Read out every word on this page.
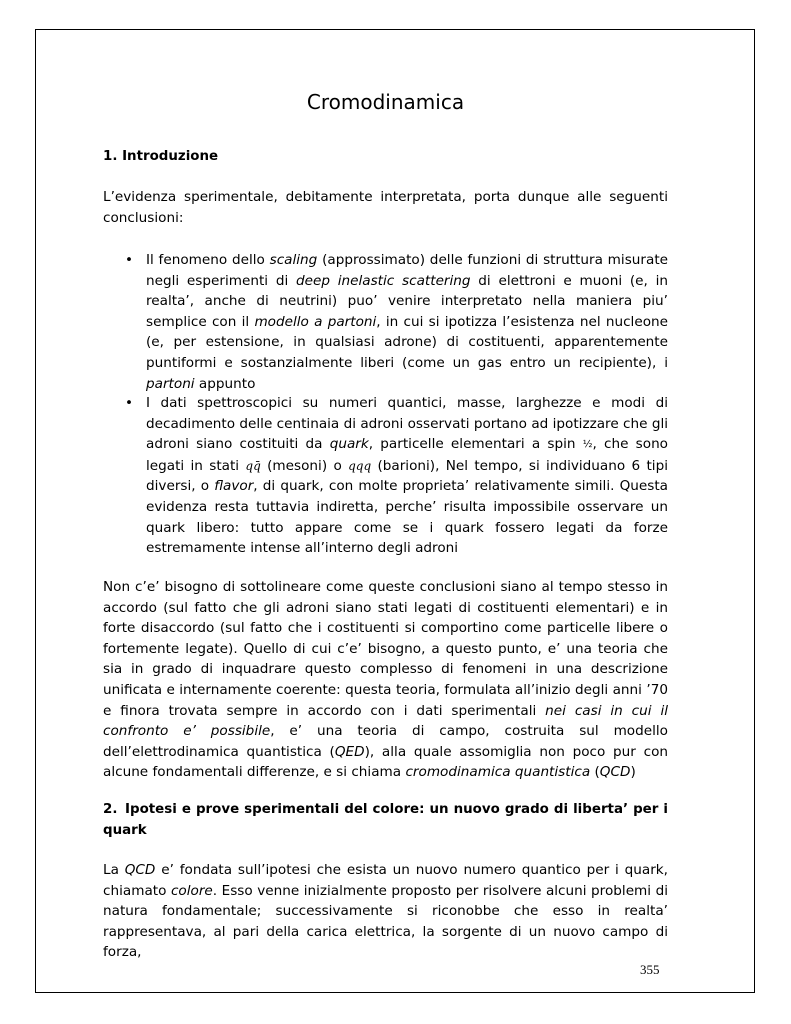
Cromodinamica
1. Introduzione

L’evidenza sperimentale, debitamente interpretata, porta dunque alle seguenti conclusioni:

• Il fenomeno dello scaling (approssimato) delle funzioni di struttura misurate negli esperimenti di deep inelastic scattering di elettroni e muoni (e, in realta’, anche di neutrini) puo’ venire interpretato nella maniera piu’ semplice con il modello a partoni, in cui si ipotizza l’esistenza nel nucleone (e, per estensione, in qualsiasi adrone) di costituenti, apparentemente puntiformi e sostanzialmente liberi (come un gas entro un recipiente), i partoni appunto

• I dati spettroscopici su numeri quantici, masse, larghezze e modi di decadimento delle centinaia di adroni osservati portano ad ipotizzare che gli adroni siano costituiti da quark, particelle elementari a spin ½, che sono legati in stati qq̄ (mesoni) o qqq (barioni), Nel tempo, si individuano 6 tipi diversi, o flavor, di quark, con molte proprieta’ relativamente simili. Questa evidenza resta tuttavia indiretta, perche’ risulta impossibile osservare un quark libero: tutto appare come se i quark fossero legati da forze estremamente intense all’interno degli adroni

Non c’e’ bisogno di sottolineare come queste conclusioni siano al tempo stesso in accordo (sul fatto che gli adroni siano stati legati di costituenti elementari) e in forte disaccordo (sul fatto che i costituenti si comportino come particelle libere o fortemente legate). Quello di cui c’e’ bisogno, a questo punto, e’ una teoria che sia in grado di inquadrare questo complesso di fenomeni in una descrizione unificata e internamente coerente: questa teoria, formulata all’inizio degli anni ’70 e finora trovata sempre in accordo con i dati sperimentali nei casi in cui il confronto e’ possibile, e’ una teoria di campo, costruita sul modello dell’elettrodinamica quantistica (QED), alla quale assomiglia non poco pur con alcune fondamentali differenze, e si chiama cromodinamica quantistica (QCD)

2. Ipotesi e prove sperimentali del colore: un nuovo grado di liberta’ per i quark

La QCD e’ fondata sull’ipotesi che esista un nuovo numero quantico per i quark, chiamato colore. Esso venne inizialmente proposto per risolvere alcuni problemi di natura fondamentale; successivamente si riconobbe che esso in realta’ rappresentava, al pari della carica elettrica, la sorgente di un nuovo campo di forza,

355
